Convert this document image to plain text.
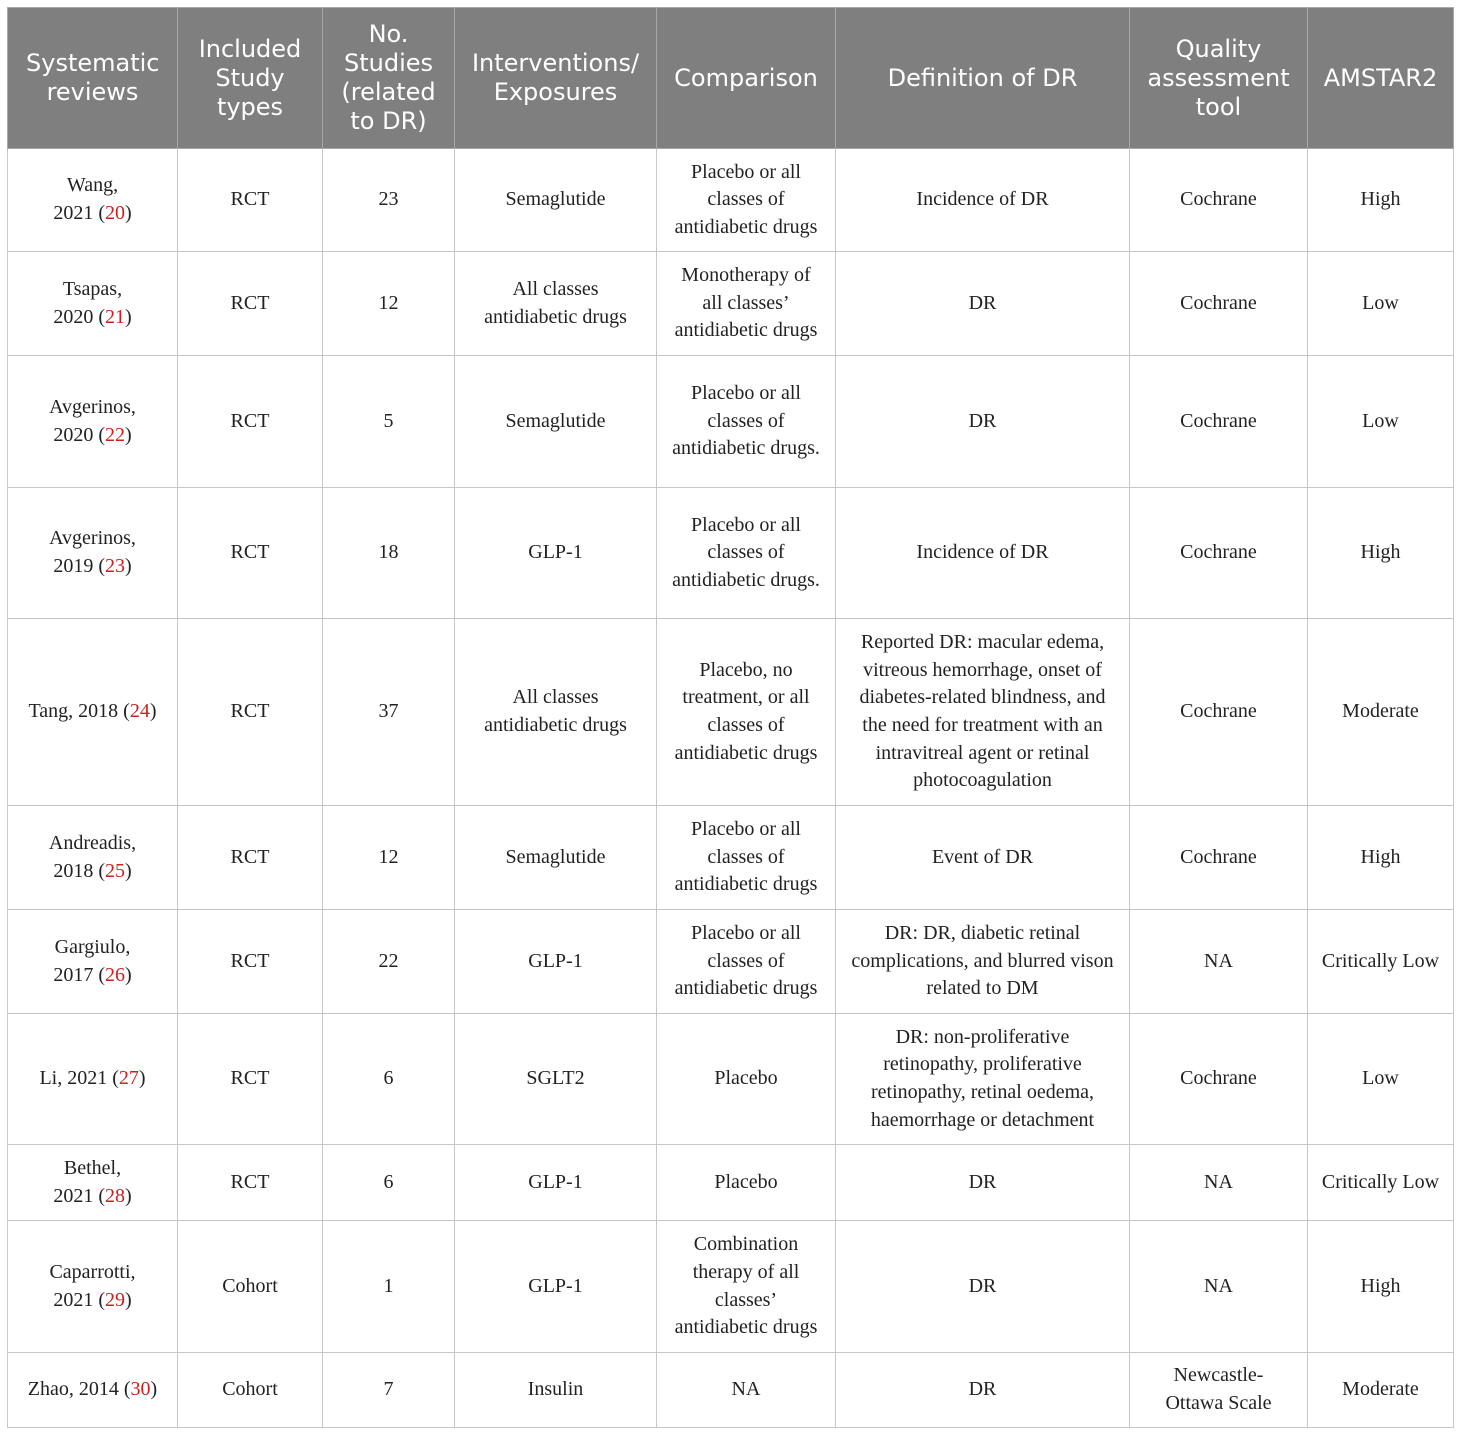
Systematic reviews	Included Study types	No. Studies (related to DR)	Interventions/ Exposures	Comparison	Definition of DR	Quality assessment tool	AMSTAR2
Wang,
2021 (20)	RCT	23	Semaglutide	Placebo or all classes of antidiabetic drugs	Incidence of DR	Cochrane	High
Tsapas,
2020 (21)	RCT	12	All classes antidiabetic drugs	Monotherapy of all classes’ antidiabetic drugs	DR	Cochrane	Low
Avgerinos,
2020 (22)	RCT	5	Semaglutide	Placebo or all classes of antidiabetic drugs.	DR	Cochrane	Low
Avgerinos,
2019 (23)	RCT	18	GLP-1	Placebo or all classes of antidiabetic drugs.	Incidence of DR	Cochrane	High
Tang, 2018 (24)	RCT	37	All classes antidiabetic drugs	Placebo, no treatment, or all classes of antidiabetic drugs	Reported DR: macular edema, vitreous hemorrhage, onset of diabetes-related blindness, and the need for treatment with an intravitreal agent or retinal photocoagulation	Cochrane	Moderate
Andreadis,
2018 (25)	RCT	12	Semaglutide	Placebo or all classes of antidiabetic drugs	Event of DR	Cochrane	High
Gargiulo,
2017 (26)	RCT	22	GLP-1	Placebo or all classes of antidiabetic drugs	DR: DR, diabetic retinal complications, and blurred vison related to DM	NA	Critically Low
Li, 2021 (27)	RCT	6	SGLT2	Placebo	DR: non-proliferative retinopathy, proliferative retinopathy, retinal oedema, haemorrhage or detachment	Cochrane	Low
Bethel,
2021 (28)	RCT	6	GLP-1	Placebo	DR	NA	Critically Low
Caparrotti,
2021 (29)	Cohort	1	GLP-1	Combination therapy of all classes’ antidiabetic drugs	DR	NA	High
Zhao, 2014 (30)	Cohort	7	Insulin	NA	DR	Newcastle-Ottawa Scale	Moderate
